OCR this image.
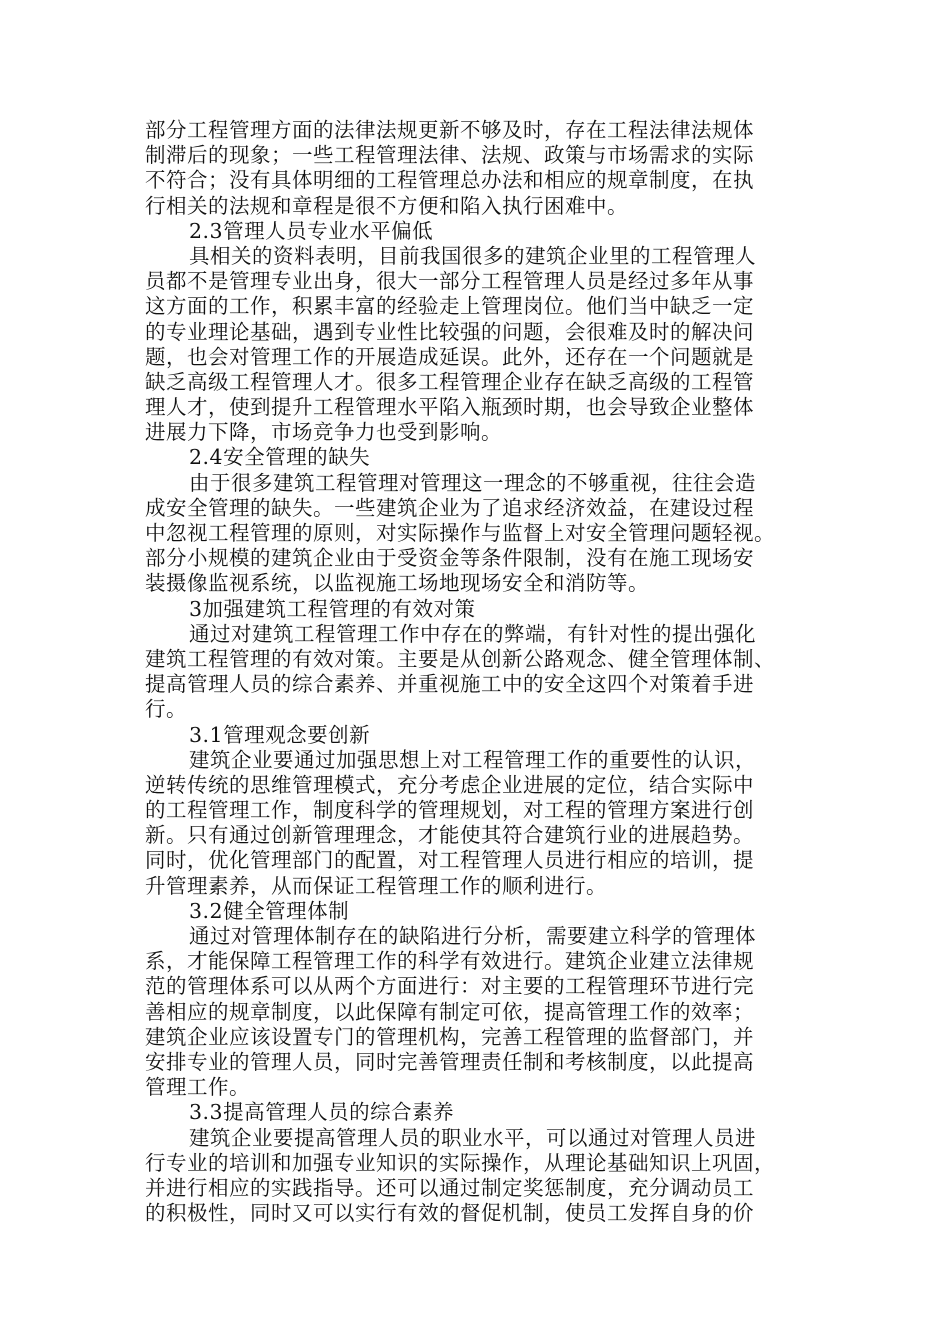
部分工程管理方面的法律法规更新不够及时，存在工程法律法规体
制滞后的现象；一些工程管理法律、法规、政策与市场需求的实际
不符合；没有具体明细的工程管理总办法和相应的规章制度，在执
行相关的法规和章程是很不方便和陷入执行困难中。
2.3管理人员专业水平偏低
具相关的资料表明，目前我国很多的建筑企业里的工程管理人
员都不是管理专业出身，很大一部分工程管理人员是经过多年从事
这方面的工作，积累丰富的经验走上管理岗位。他们当中缺乏一定
的专业理论基础，遇到专业性比较强的问题，会很难及时的解决问
题，也会对管理工作的开展造成延误。此外，还存在一个问题就是
缺乏高级工程管理人才。很多工程管理企业存在缺乏高级的工程管
理人才，使到提升工程管理水平陷入瓶颈时期，也会导致企业整体
进展力下降，市场竞争力也受到影响。
2.4安全管理的缺失
由于很多建筑工程管理对管理这一理念的不够重视，往往会造
成安全管理的缺失。一些建筑企业为了追求经济效益，在建设过程
中忽视工程管理的原则，对实际操作与监督上对安全管理问题轻视。
部分小规模的建筑企业由于受资金等条件限制，没有在施工现场安
装摄像监视系统，以监视施工场地现场安全和消防等。
3加强建筑工程管理的有效对策
通过对建筑工程管理工作中存在的弊端，有针对性的提出强化
建筑工程管理的有效对策。主要是从创新公路观念、健全管理体制、
提高管理人员的综合素养、并重视施工中的安全这四个对策着手进
行。
3.1管理观念要创新
建筑企业要通过加强思想上对工程管理工作的重要性的认识，
逆转传统的思维管理模式，充分考虑企业进展的定位，结合实际中
的工程管理工作，制度科学的管理规划，对工程的管理方案进行创
新。只有通过创新管理理念，才能使其符合建筑行业的进展趋势。
同时，优化管理部门的配置，对工程管理人员进行相应的培训，提
升管理素养，从而保证工程管理工作的顺利进行。
3.2健全管理体制
通过对管理体制存在的缺陷进行分析，需要建立科学的管理体
系，才能保障工程管理工作的科学有效进行。建筑企业建立法律规
范的管理体系可以从两个方面进行：对主要的工程管理环节进行完
善相应的规章制度，以此保障有制定可依，提高管理工作的效率；
建筑企业应该设置专门的管理机构，完善工程管理的监督部门，并
安排专业的管理人员，同时完善管理责任制和考核制度，以此提高
管理工作。
3.3提高管理人员的综合素养
建筑企业要提高管理人员的职业水平，可以通过对管理人员进
行专业的培训和加强专业知识的实际操作，从理论基础知识上巩固，
并进行相应的实践指导。还可以通过制定奖惩制度，充分调动员工
的积极性，同时又可以实行有效的督促机制，使员工发挥自身的价
